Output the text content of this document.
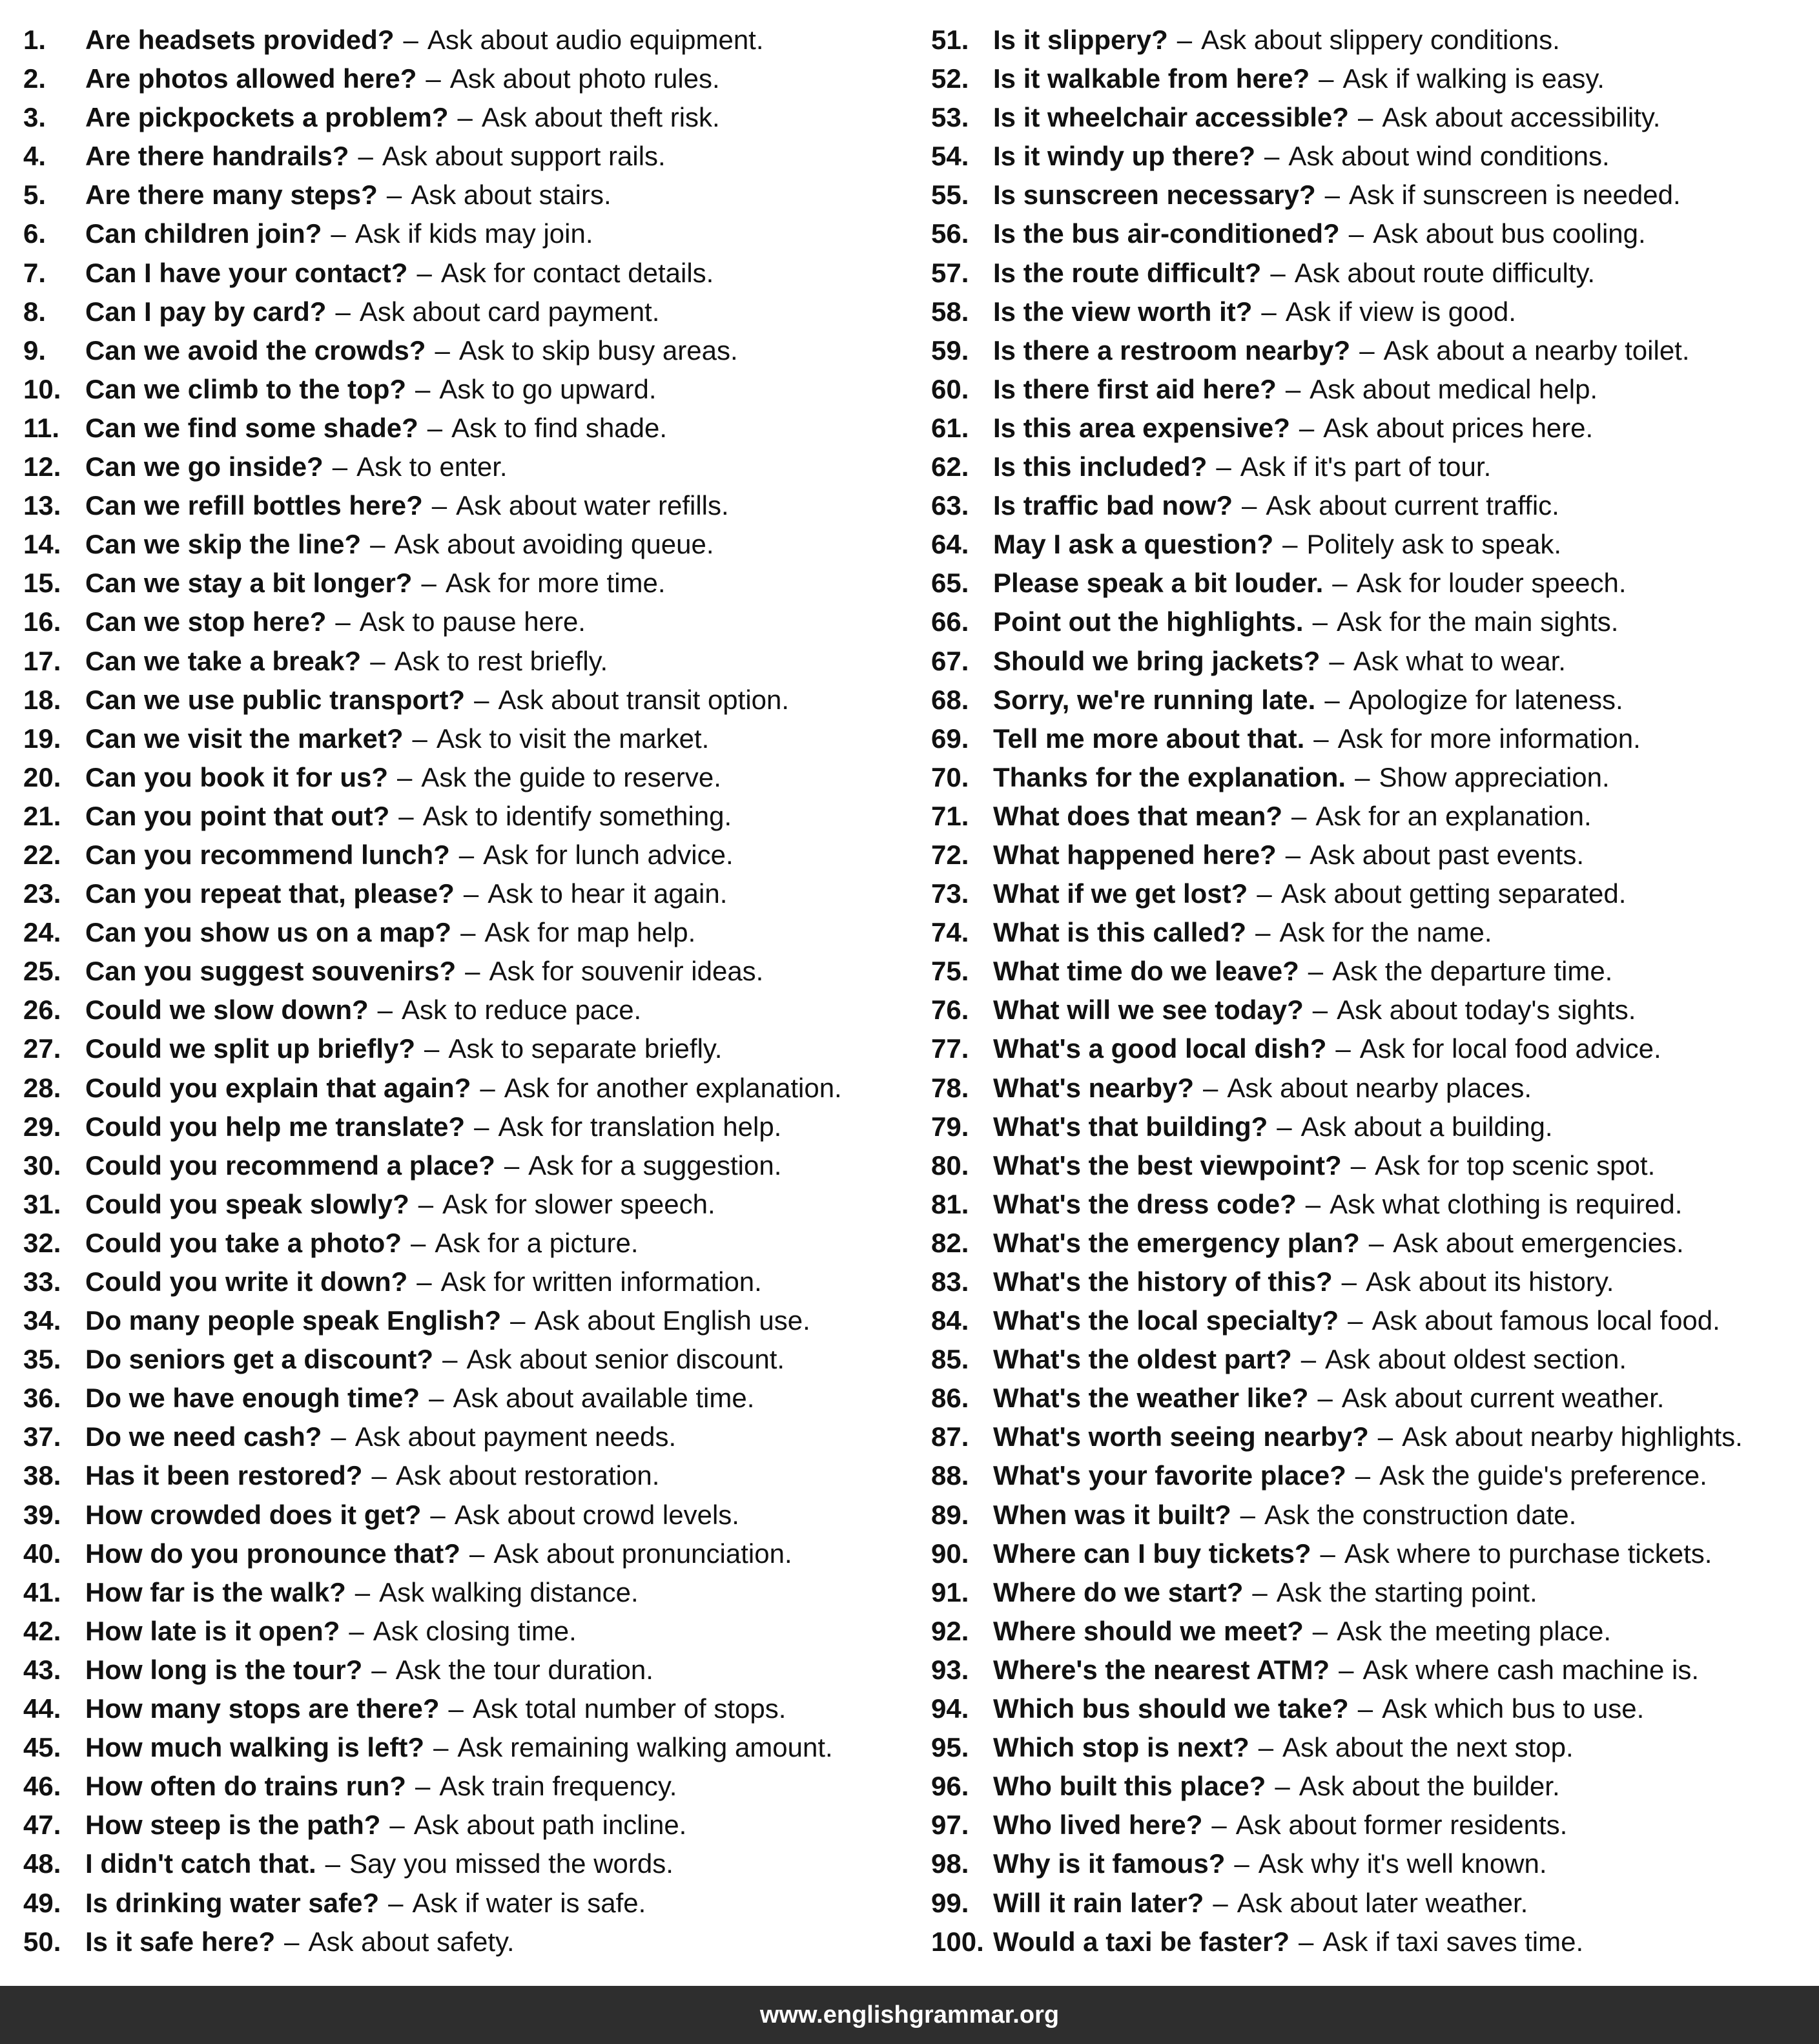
1.	Are headsets provided? – Ask about audio equipment.
2.	Are photos allowed here? – Ask about photo rules.
3.	Are pickpockets a problem? – Ask about theft risk.
4.	Are there handrails? – Ask about support rails.
5.	Are there many steps? – Ask about stairs.
6.	Can children join? – Ask if kids may join.
7.	Can I have your contact? – Ask for contact details.
8.	Can I pay by card? – Ask about card payment.
9.	Can we avoid the crowds? – Ask to skip busy areas.
10. Can we climb to the top? – Ask to go upward.
11. Can we find some shade? – Ask to find shade.
12. Can we go inside? – Ask to enter.
13. Can we refill bottles here? – Ask about water refills.
14. Can we skip the line? – Ask about avoiding queue.
15. Can we stay a bit longer? – Ask for more time.
16. Can we stop here? – Ask to pause here.
17. Can we take a break? – Ask to rest briefly.
18. Can we use public transport? – Ask about transit option.
19. Can we visit the market? – Ask to visit the market.
20. Can you book it for us? – Ask the guide to reserve.
21. Can you point that out? – Ask to identify something.
22. Can you recommend lunch? – Ask for lunch advice.
23. Can you repeat that, please? – Ask to hear it again.
24. Can you show us on a map? – Ask for map help.
25. Can you suggest souvenirs? – Ask for souvenir ideas.
26. Could we slow down? – Ask to reduce pace.
27. Could we split up briefly? – Ask to separate briefly.
28. Could you explain that again? – Ask for another explanation.
29. Could you help me translate? – Ask for translation help.
30. Could you recommend a place? – Ask for a suggestion.
31. Could you speak slowly? – Ask for slower speech.
32. Could you take a photo? – Ask for a picture.
33. Could you write it down? – Ask for written information.
34. Do many people speak English? – Ask about English use.
35. Do seniors get a discount? – Ask about senior discount.
36. Do we have enough time? – Ask about available time.
37. Do we need cash? – Ask about payment needs.
38. Has it been restored? – Ask about restoration.
39. How crowded does it get? – Ask about crowd levels.
40. How do you pronounce that? – Ask about pronunciation.
41. How far is the walk? – Ask walking distance.
42. How late is it open? – Ask closing time.
43. How long is the tour? – Ask the tour duration.
44. How many stops are there? – Ask total number of stops.
45. How much walking is left? – Ask remaining walking amount.
46. How often do trains run? – Ask train frequency.
47. How steep is the path? – Ask about path incline.
48. I didn't catch that. – Say you missed the words.
49. Is drinking water safe? – Ask if water is safe.
50. Is it safe here? – Ask about safety.
51. Is it slippery? – Ask about slippery conditions.
52. Is it walkable from here? – Ask if walking is easy.
53. Is it wheelchair accessible? – Ask about accessibility.
54. Is it windy up there? – Ask about wind conditions.
55. Is sunscreen necessary? – Ask if sunscreen is needed.
56. Is the bus air-conditioned? – Ask about bus cooling.
57. Is the route difficult? – Ask about route difficulty.
58. Is the view worth it? – Ask if view is good.
59. Is there a restroom nearby? – Ask about a nearby toilet.
60. Is there first aid here? – Ask about medical help.
61. Is this area expensive? – Ask about prices here.
62. Is this included? – Ask if it's part of tour.
63. Is traffic bad now? – Ask about current traffic.
64. May I ask a question? – Politely ask to speak.
65. Please speak a bit louder. – Ask for louder speech.
66. Point out the highlights. – Ask for the main sights.
67. Should we bring jackets? – Ask what to wear.
68. Sorry, we're running late. – Apologize for lateness.
69. Tell me more about that. – Ask for more information.
70. Thanks for the explanation. – Show appreciation.
71. What does that mean? – Ask for an explanation.
72. What happened here? – Ask about past events.
73. What if we get lost? – Ask about getting separated.
74. What is this called? – Ask for the name.
75. What time do we leave? – Ask the departure time.
76. What will we see today? – Ask about today's sights.
77. What's a good local dish? – Ask for local food advice.
78. What's nearby? – Ask about nearby places.
79. What's that building? – Ask about a building.
80. What's the best viewpoint? – Ask for top scenic spot.
81. What's the dress code? – Ask what clothing is required.
82. What's the emergency plan? – Ask about emergencies.
83. What's the history of this? – Ask about its history.
84. What's the local specialty? – Ask about famous local food.
85. What's the oldest part? – Ask about oldest section.
86. What's the weather like? – Ask about current weather.
87. What's worth seeing nearby? – Ask about nearby highlights.
88. What's your favorite place? – Ask the guide's preference.
89. When was it built? – Ask the construction date.
90. Where can I buy tickets? – Ask where to purchase tickets.
91. Where do we start? – Ask the starting point.
92. Where should we meet? – Ask the meeting place.
93. Where's the nearest ATM? – Ask where cash machine is.
94. Which bus should we take? – Ask which bus to use.
95. Which stop is next? – Ask about the next stop.
96. Who built this place? – Ask about the builder.
97. Who lived here? – Ask about former residents.
98. Why is it famous? – Ask why it's well known.
99. Will it rain later? – Ask about later weather.
100. Would a taxi be faster? – Ask if taxi saves time.
www.englishgrammar.org
